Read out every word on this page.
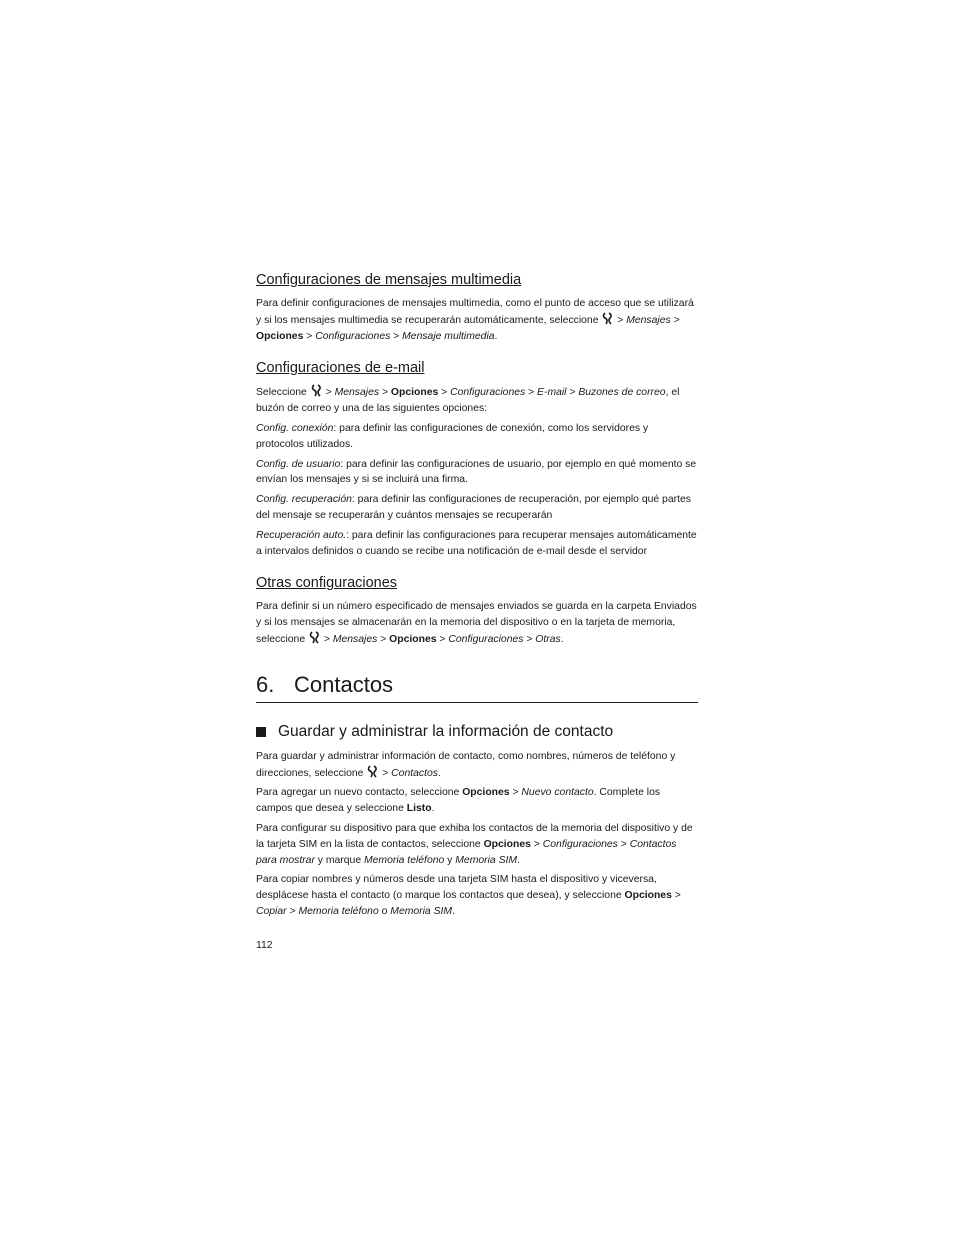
Configuraciones de mensajes multimedia
Para definir configuraciones de mensajes multimedia, como el punto de acceso que se utilizará y si los mensajes multimedia se recuperarán automáticamente, seleccione  > Mensajes > Opciones > Configuraciones > Mensaje multimedia.
Configuraciones de e-mail
Seleccione  > Mensajes > Opciones > Configuraciones > E-mail > Buzones de correo, el buzón de correo y una de las siguientes opciones:
Config. conexión: para definir las configuraciones de conexión, como los servidores y protocolos utilizados.
Config. de usuario: para definir las configuraciones de usuario, por ejemplo en qué momento se envían los mensajes y si se incluirá una firma.
Config. recuperación: para definir las configuraciones de recuperación, por ejemplo qué partes del mensaje se recuperarán y cuántos mensajes se recuperarán
Recuperación auto.: para definir las configuraciones para recuperar mensajes automáticamente a intervalos definidos o cuando se recibe una notificación de e-mail desde el servidor
Otras configuraciones
Para definir si un número especificado de mensajes enviados se guarda en la carpeta Enviados y si los mensajes se almacenarán en la memoria del dispositivo o en la tarjeta de memoria, seleccione  > Mensajes > Opciones > Configuraciones > Otras.
6. Contactos
Guardar y administrar la información de contacto
Para guardar y administrar información de contacto, como nombres, números de teléfono y direcciones, seleccione  > Contactos.
Para agregar un nuevo contacto, seleccione Opciones > Nuevo contacto. Complete los campos que desea y seleccione Listo.
Para configurar su dispositivo para que exhiba los contactos de la memoria del dispositivo y de la tarjeta SIM en la lista de contactos, seleccione Opciones > Configuraciones > Contactos para mostrar y marque Memoria teléfono y Memoria SIM.
Para copiar nombres y números desde una tarjeta SIM hasta el dispositivo y viceversa, desplácese hasta el contacto (o marque los contactos que desea), y seleccione Opciones > Copiar > Memoria teléfono o Memoria SIM.
112
